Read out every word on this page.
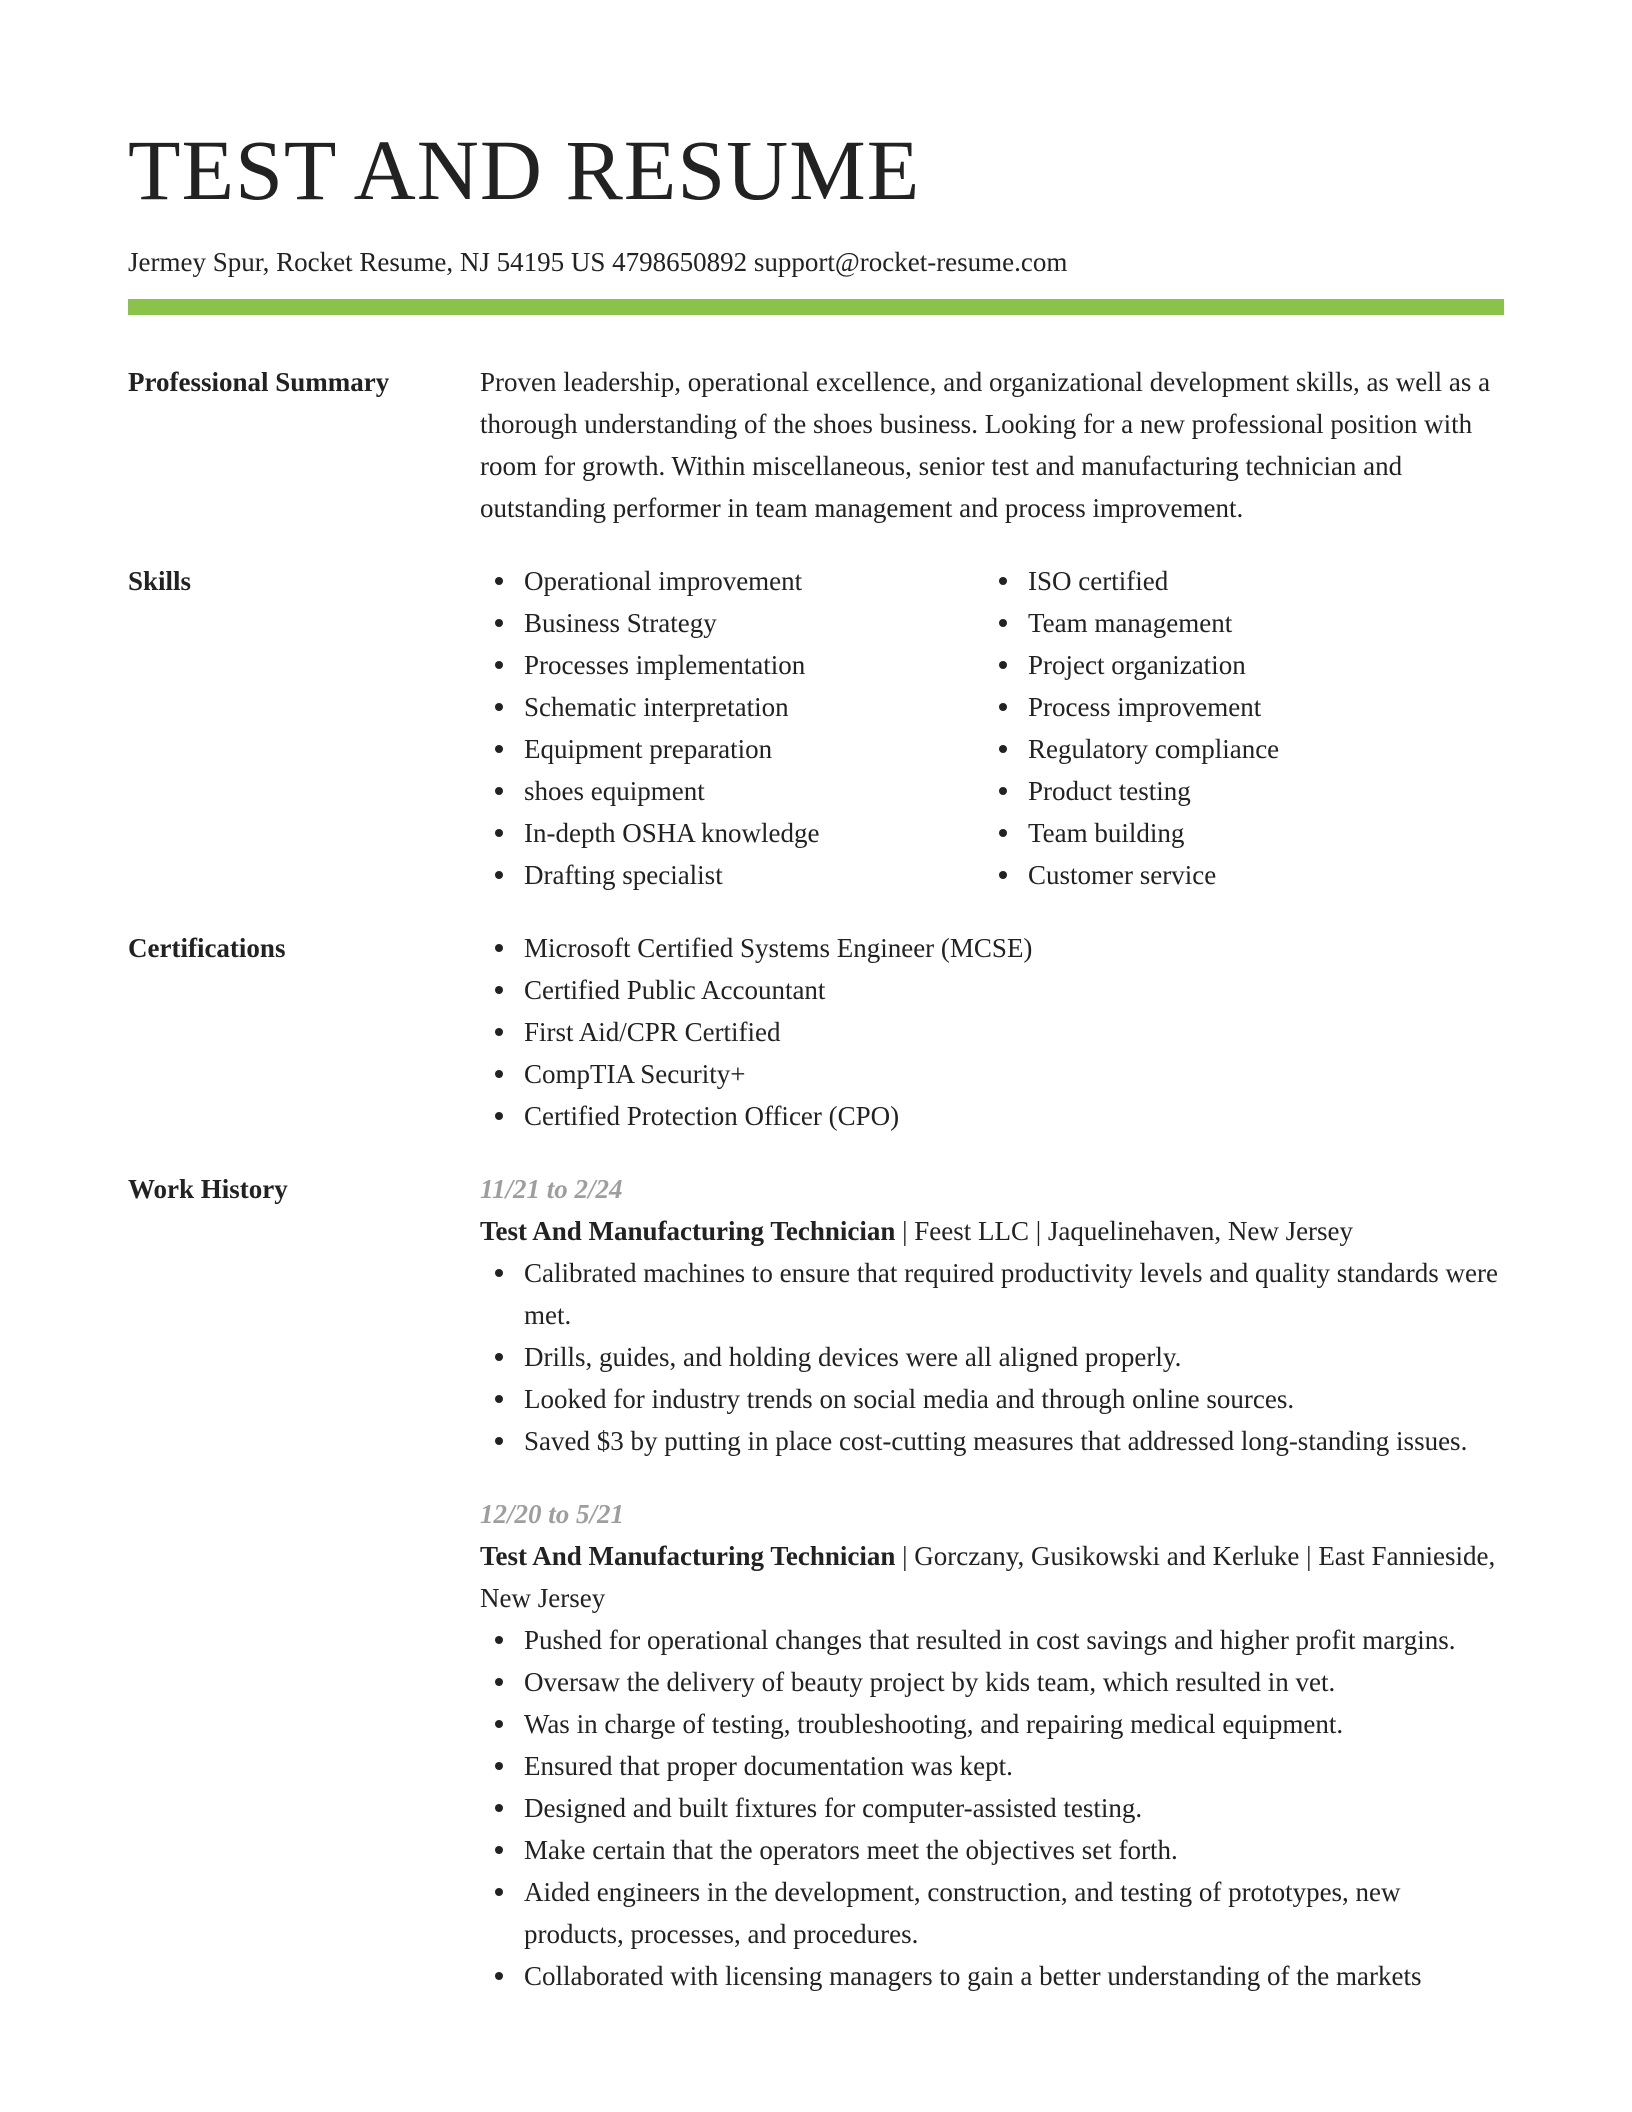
TEST AND RESUME
Jermey Spur, Rocket Resume, NJ 54195 US 4798650892 support@rocket-resume.com
Professional Summary	Proven leadership, operational excellence, and organizational development skills, as well as a thorough understanding of the shoes business. Looking for a new professional position with room for growth. Within miscellaneous, senior test and manufacturing technician and outstanding performer in team management and process improvement.

Skills	Operational improvement
Business Strategy
Processes implementation
Schematic interpretation
Equipment preparation
shoes equipment
In-depth OSHA knowledge
Drafting specialist
ISO certified
Team management
Project organization
Process improvement
Regulatory compliance
Product testing
Team building
Customer service
Certifications	Microsoft Certified Systems Engineer (MCSE)
Certified Public Accountant
First Aid/CPR Certified
CompTIA Security+
Certified Protection Officer (CPO)
Work History	11/21 to 2/24
Test And Manufacturing Technician | Feest LLC | Jaquelinehaven, New Jersey
Calibrated machines to ensure that required productivity levels and quality standards were met.
Drills, guides, and holding devices were all aligned properly.
Looked for industry trends on social media and through online sources.
Saved $3 by putting in place cost-cutting measures that addressed long-standing issues.
12/20 to 5/21
Test And Manufacturing Technician | Gorczany, Gusikowski and Kerluke | East Fannieside, New Jersey
Pushed for operational changes that resulted in cost savings and higher profit margins.
Oversaw the delivery of beauty project by kids team, which resulted in vet.
Was in charge of testing, troubleshooting, and repairing medical equipment.
Ensured that proper documentation was kept.
Designed and built fixtures for computer-assisted testing.
Make certain that the operators meet the objectives set forth.
Aided engineers in the development, construction, and testing of prototypes, new products, processes, and procedures.
Collaborated with licensing managers to gain a better understanding of the markets
